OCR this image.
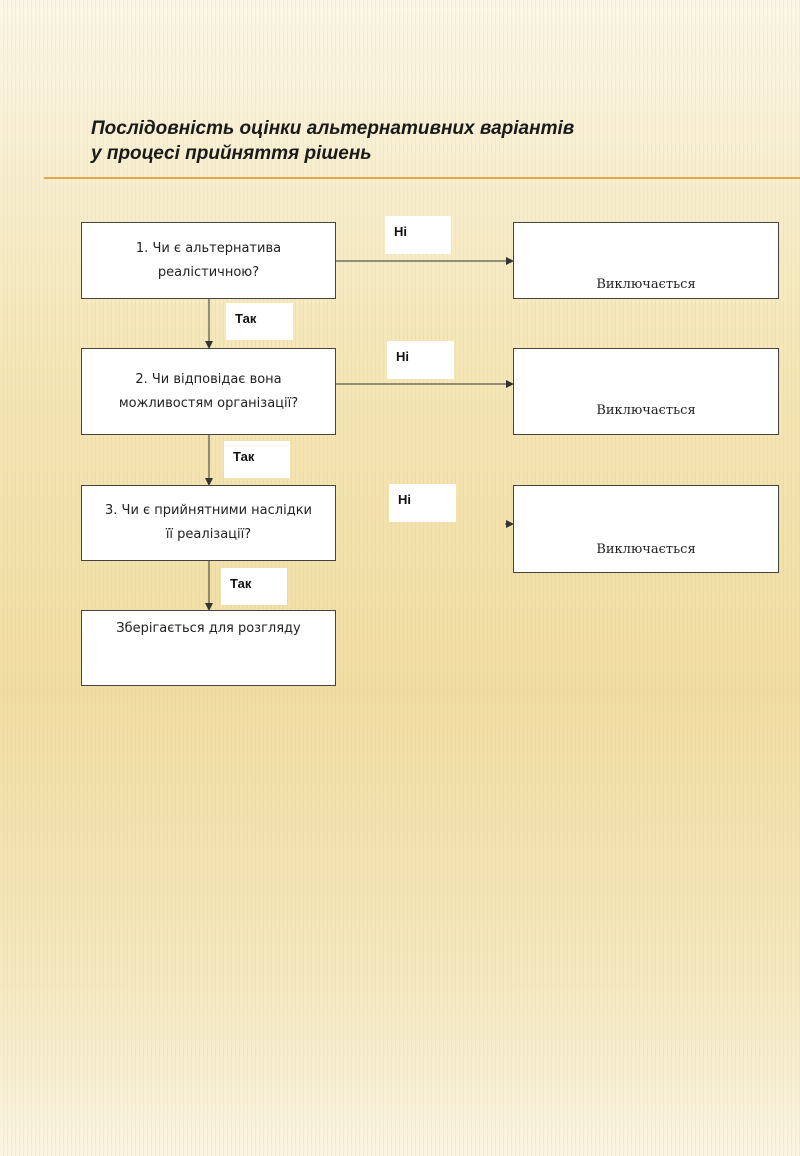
Послідовність оцінки альтернативних варіантів
у процесі прийняття рішень
1. Чи є альтернатива реалістичною?
2. Чи відповідає вона можливостям організації?
3. Чи є прийнятними наслідки її реалізації?
Зберігається для розгляду
Виключається
Виключається
Виключається
Ні
Ні
Ні
Так
Так
Так
